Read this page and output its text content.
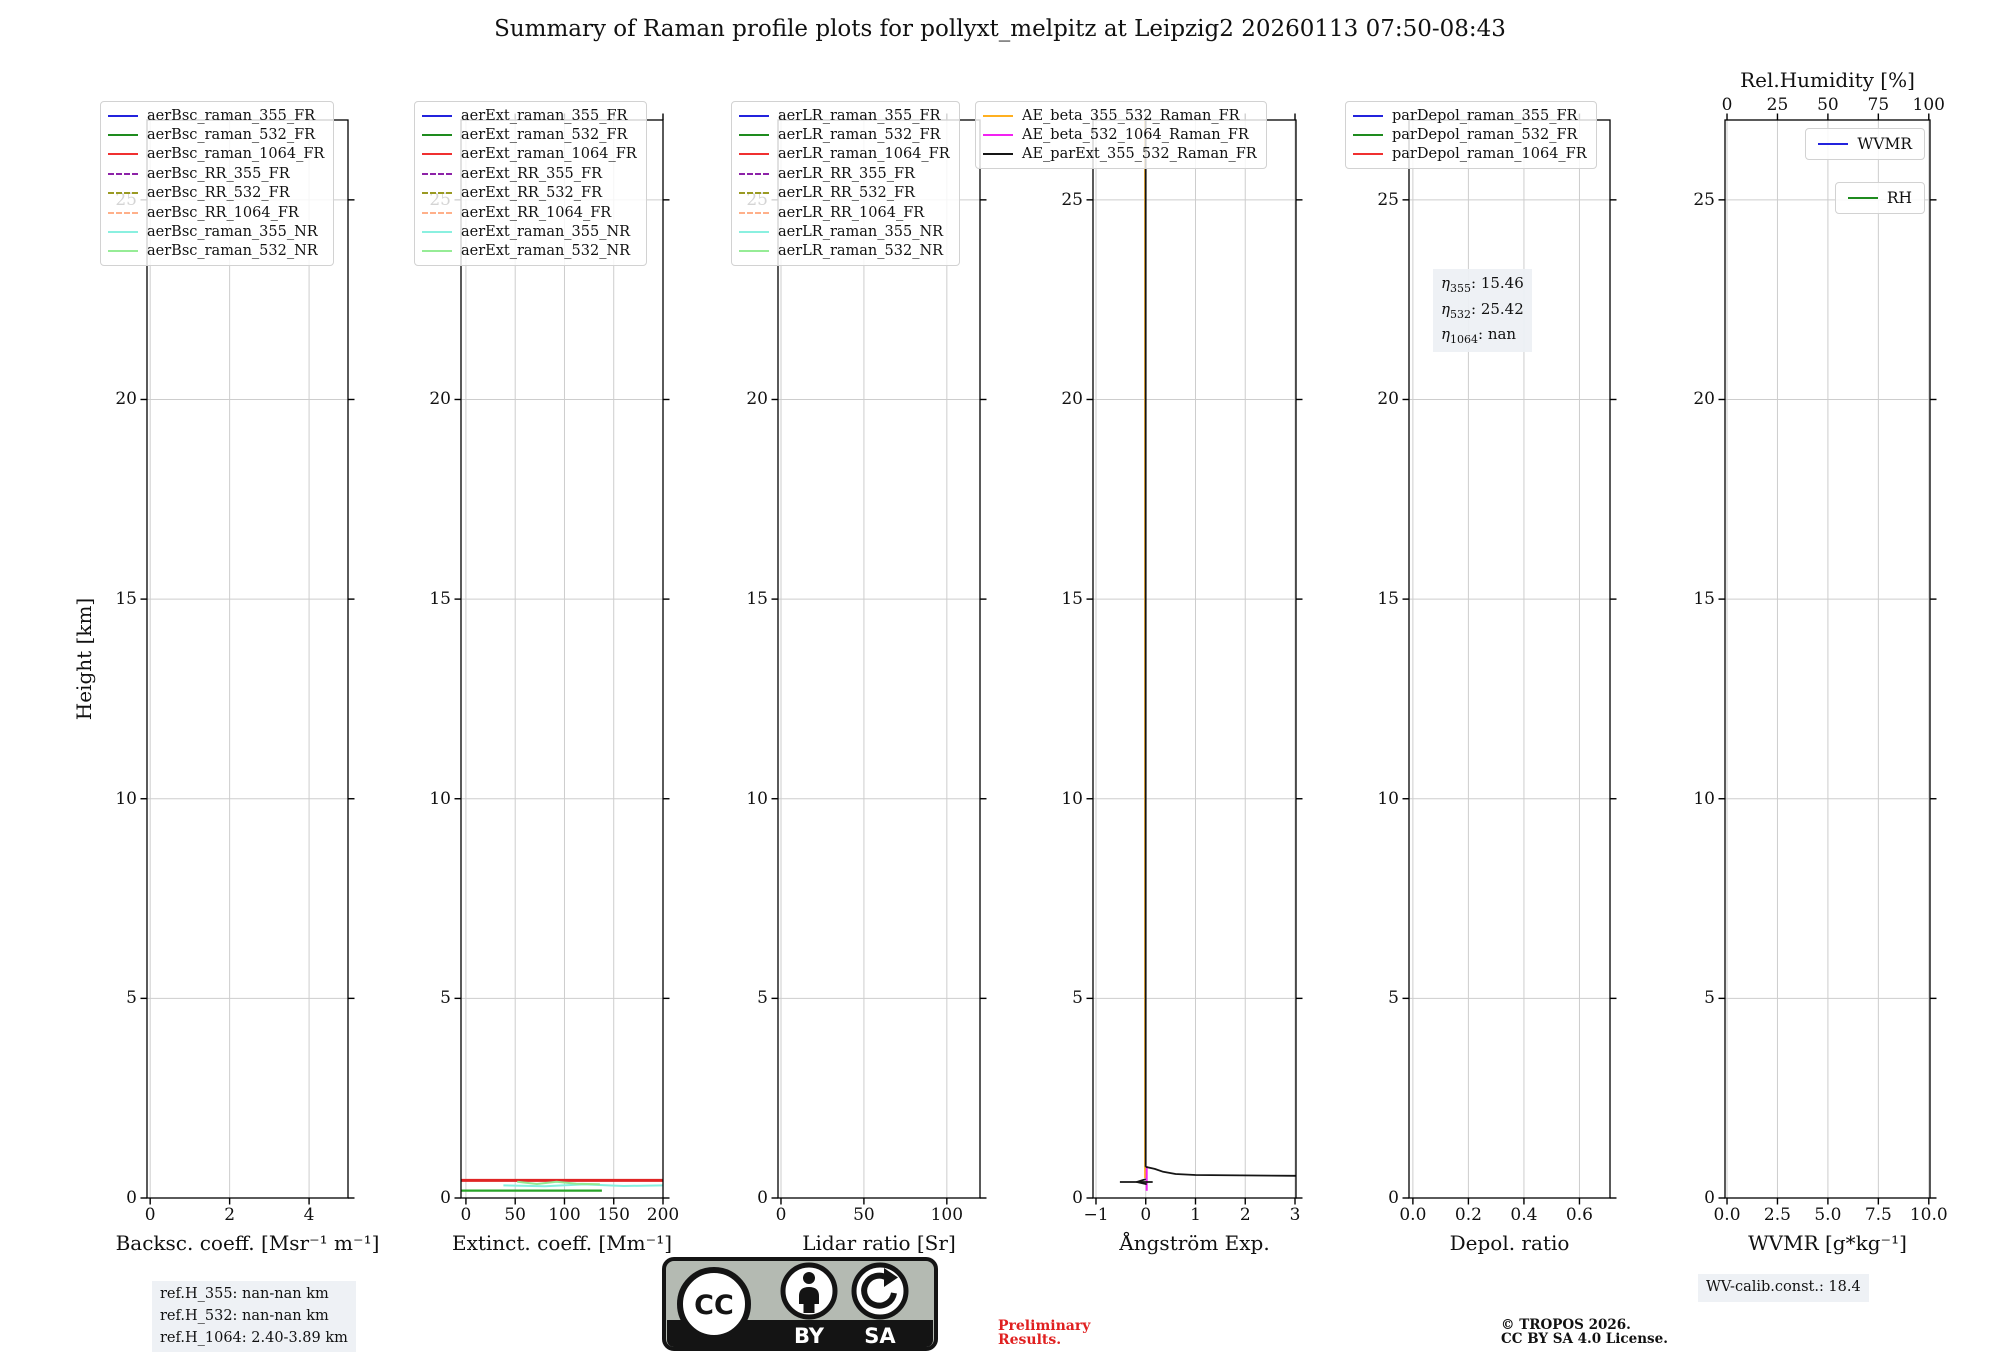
0	2	4
0
5
10
15
20
Backsc. coeff. [Msr⁻¹ m⁻¹]
aerBsc_raman_355_FR
aerBsc_raman_532_FR
aerBsc_raman_1064_FR
aerBsc_RR_355_FR
aerBsc_RR_532_FR
aerBsc_RR_1064_FR
aerBsc_raman_355_NR
aerBsc_raman_532_NR
0 50 100 150 200
0
5
10
15
20
Extinct. coeff. [Mm⁻¹]
aerExt_raman_355_FR
aerExt_raman_532_FR
aerExt_raman_1064_FR
aerExt_RR_355_FR
aerExt_RR_532_FR
aerExt_RR_1064_FR
aerExt_raman_355_NR
aerExt_raman_532_NR
0	50	100
0
5
10
15
20
Lidar ratio [Sr]
aerLR_raman_355_FR
aerLR_raman_532_FR
aerLR_raman_1064_FR
aerLR_RR_355_FR
aerLR_RR_532_FR
aerLR_RR_1064_FR
aerLR_raman_355_NR
aerLR_raman_532_NR
−1 0 1 2 3
0
5
10
15
20
25
Ångström Exp.
AE_beta_355_532_Raman_FR
AE_beta_532_1064_Raman_FR
AE_parExt_355_532_Raman_FR
0.0 0.2 0.4 0.6
0
5
10
15
20
25
Depol. ratio
parDepol_raman_355_FR
parDepol_raman_532_FR
parDepol_raman_1064_FR
0.0 2.5 5.0 7.5 10.0
0
5
10
15
20
25
WVMR [g*kg⁻¹]
0 25 50 75 100
Rel.Humidity [%]
WVMR
RH
Summary of Raman profile plots for pollyxt_melpitz at Leipzig2 20260113 07:50-08:43
Height [km]
$\eta_{355}$: 15.46
$\eta_{532}$: 25.42
$\eta_{1064}$: nan
ref.H_355: nan-nan km
ref.H_532: nan-nan km
ref.H_1064: 2.40-3.89 km
CC
BY SA	Preliminary
Results.
© TROPOS 2026.
CC BY SA 4.0 License.
WV-calib.const.: 18.4
